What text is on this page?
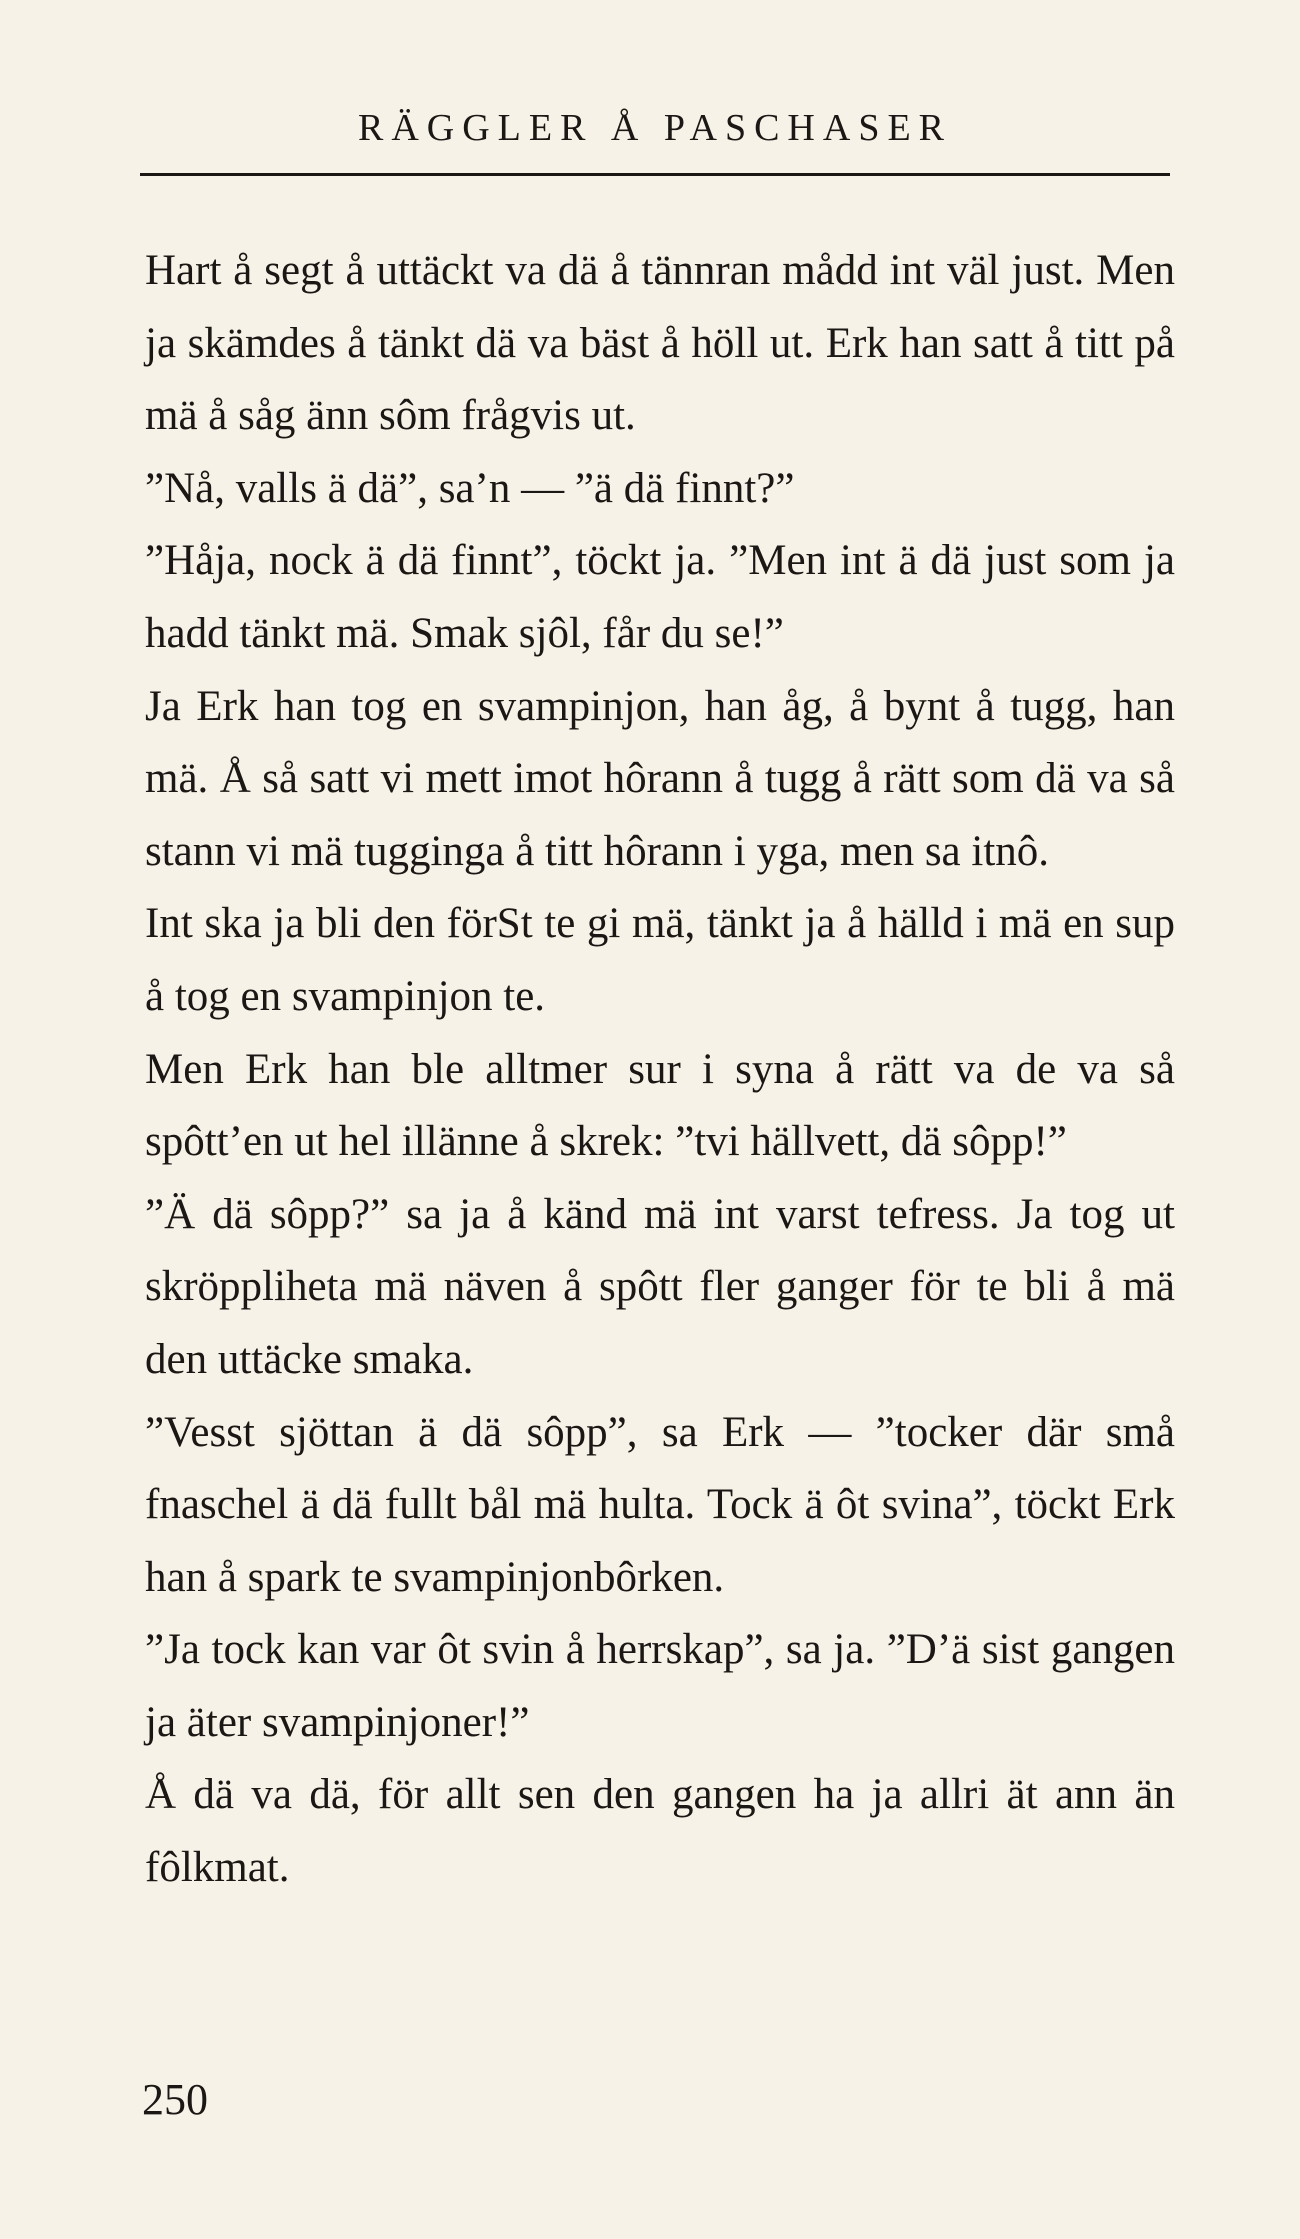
RÄGGLER Å PASCHASER

Hart å segt å uttäckt va dä å tännran mådd int väl just. Men ja skämdes å tänkt dä va bäst å höll ut. Erk han satt å titt på mä å såg änn sôm frågvis ut.

”Nå, valls ä dä”, sa’n — ”ä dä finnt?”

”Håja, nock ä dä finnt”, töckt ja. ”Men int ä dä just som ja hadd tänkt mä. Smak sjôl, får du se!”

Ja Erk han tog en svampinjon, han åg, å bynt å tugg, han mä. Å så satt vi mett imot hôrann å tugg å rätt som dä va så stann vi mä tugginga å titt hôrann i yga, men sa itnô.

Int ska ja bli den förSt te gi mä, tänkt ja å hälld i mä en sup å tog en svampinjon te.

Men Erk han ble alltmer sur i syna å rätt va de va så spôtt’en ut hel illänne å skrek: ”tvi hällvett, dä sôpp!”

”Ä dä sôpp?” sa ja å känd mä int varst tefress. Ja tog ut skröppliheta mä näven å spôtt fler ganger för te bli å mä den uttäcke smaka.

”Vesst sjöttan ä dä sôpp”, sa Erk — ”tocker där små fnaschel ä dä fullt bål mä hulta. Tock ä ôt svina”, töckt Erk han å spark te svampinjonbôrken.

”Ja tock kan var ôt svin å herrskap”, sa ja. ”D’ä sist gangen ja äter svampinjoner!”

Å dä va dä, för allt sen den gangen ha ja allri ät ann än fôlkmat.

250
